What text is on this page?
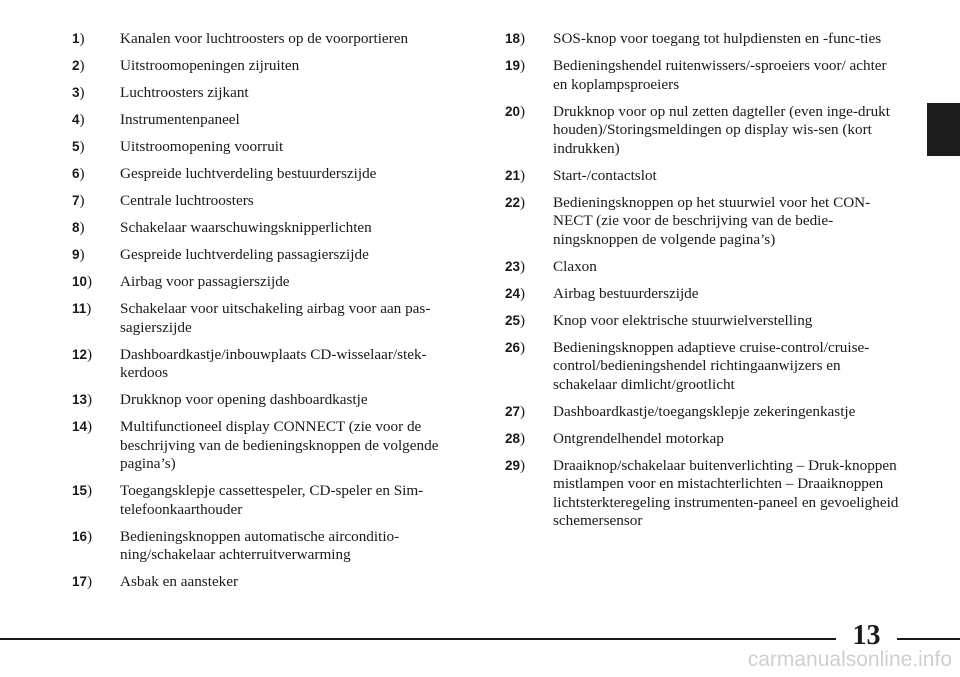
1)	Kanalen voor luchtroosters op de voorportieren
2)	Uitstroomopeningen zijruiten
3)	Luchtroosters zijkant
4)	Instrumentenpaneel
5)	Uitstroomopening voorruit
6)	Gespreide luchtverdeling bestuurderszijde
7)	Centrale luchtroosters
8)	Schakelaar waarschuwingsknipperlichten
9)	Gespreide luchtverdeling passagierszijde
10)	Airbag voor passagierszijde
11)	Schakelaar voor uitschakeling airbag voor aan pas-sagierszijde
12)	Dashboardkastje/inbouwplaats CD-wisselaar/stek-kerdoos
13)	Drukknop voor opening dashboardkastje
14)	Multifunctioneel display CONNECT (zie voor de beschrijving van de bedieningsknoppen de volgende pagina’s)
15)	Toegangsklepje cassettespeler, CD-speler en Sim-telefoonkaarthouder
16)	Bedieningsknoppen automatische airconditio-ning/schakelaar achterruitverwarming
17)	Asbak en aansteker
18)	SOS-knop voor toegang tot hulpdiensten en -func-ties
19)	Bedieningshendel ruitenwissers/-sproeiers voor/ achter en koplampsproeiers
20)	Drukknop voor op nul zetten dagteller (even inge-drukt houden)/Storingsmeldingen op display wis-sen (kort indrukken)
21)	Start-/contactslot
22)	Bedieningsknoppen op het stuurwiel voor het CON-NECT (zie voor de beschrijving van de bedie-ningsknoppen de volgende pagina’s)
23)	Claxon
24)	Airbag bestuurderszijde
25)	Knop voor elektrische stuurwielverstelling
26)	Bedieningsknoppen adaptieve cruise-control/cruise-control/bedieningshendel richtingaanwijzers en schakelaar dimlicht/grootlicht
27)	Dashboardkastje/toegangsklepje zekeringenkastje
28)	Ontgrendelhendel motorkap
29)	Draaiknop/schakelaar buitenverlichting – Druk-knoppen mistlampen voor en mistachterlichten – Draaiknoppen lichtsterkteregeling instrumenten-paneel en gevoeligheid schemersensor
13
carmanualsonline.info
